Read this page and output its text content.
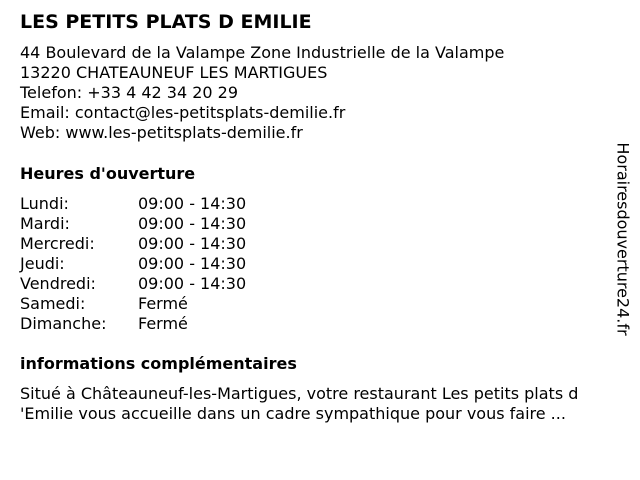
LES PETITS PLATS D EMILIE
44 Boulevard de la Valampe Zone Industrielle de la Valampe
13220 CHATEAUNEUF LES MARTIGUES
Telefon: +33 4 42 34 20 29
Email: contact@les-petitsplats-demilie.fr
Web: www.les-petitsplats-demilie.fr
Heures d'ouverture
Lundi:	09:00 - 14:30
Mardi:	09:00 - 14:30
Mercredi:	09:00 - 14:30
Jeudi:	09:00 - 14:30
Vendredi:	09:00 - 14:30
Samedi:	Fermé
Dimanche:	Fermé
informations complémentaires
Situé à Châteauneuf-les-Martigues, votre restaurant Les petits plats d
'Emilie vous accueille dans un cadre sympathique pour vous faire ...
Horairesdouverture24.fr
